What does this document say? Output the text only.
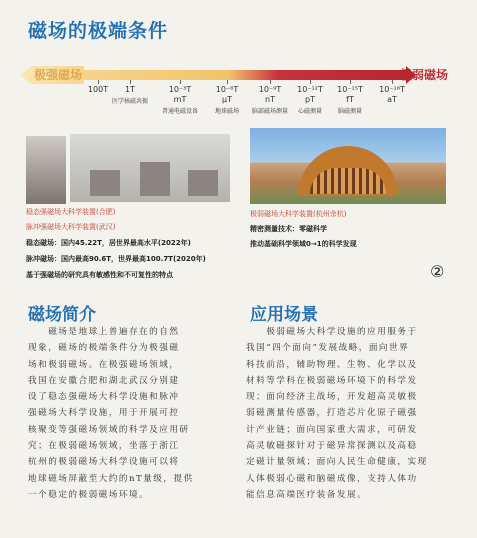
磁场的极端条件
极强磁场	极弱磁场
100T	1T
医学核磁共振
10⁻³T
mT
普通电磁设备
10⁻⁶T
μT
地球磁场
10⁻⁹T
nT
脑部磁场测量
10⁻¹²T
pT
心磁测量
10⁻¹⁵T
fT
脑磁测量
10⁻¹⁸T
aT
稳态强磁场大科学装置(合肥)
脉冲强磁场大科学装置(武汉)
稳态磁场：国内45.22T，居世界最高水平(2022年)
脉冲磁场：国内最高90.6T，世界最高100.7T(2020年)
基于强磁场的研究具有敏感性和不可复性的特点
极弱磁场大科学装置(杭州余杭)
精密测量技术：零磁科学
推动基础科学领域0→1的科学发现
②
磁场简介
　　磁场是地球上普遍存在的自然
现象，磁场的极端条件分为极强磁
场和极弱磁场。在极强磁场领域，
我国在安徽合肥和湖北武汉分别建
设了稳态强磁场大科学设施和脉冲
强磁场大科学设施，用于开展可控
核聚变等强磁场领域的科学及应用研
究；在极弱磁场领域，坐落于浙江
杭州的极弱磁场大科学设施可以将
地球磁场屏蔽至大约的nT量级，提供
一个稳定的极弱磁场环境。
应用场景
　　极弱磁场大科学设施的应用服务于
我国“四个面向”发展战略，面向世界
科技前沿，辅助物理、生物、化学以及
材料等学科在极弱磁场环境下的科学发
现；面向经济主战场，开发超高灵敏极
弱磁测量传感器，打造芯片化原子磁强
计产业链；面向国家重大需求，可研发
高灵敏磁探针对于磁异常探测以及高稳
定磁计量领域；面向人民生命健康，实现
人体极弱心磁和脑磁成像，支持人体功
能信息高端医疗装备发展。
